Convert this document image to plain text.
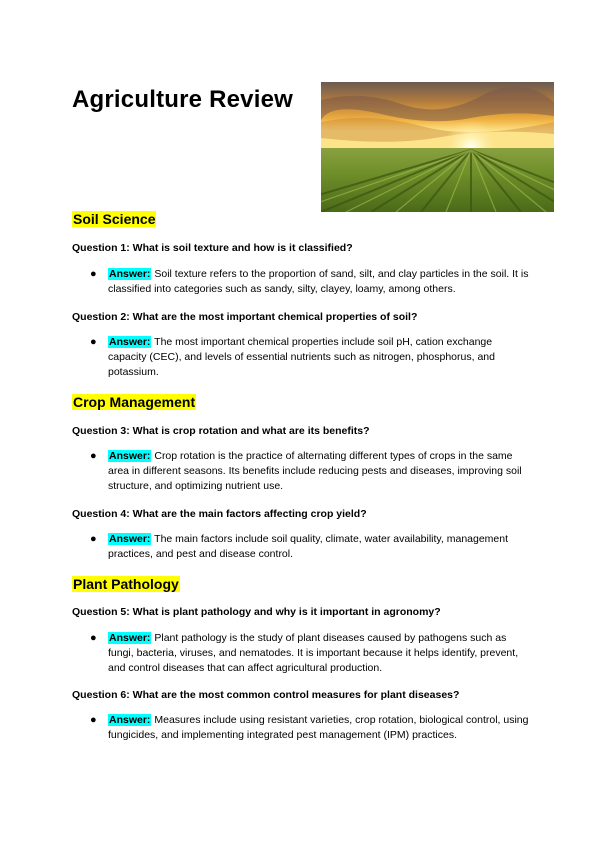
Agriculture Review
Soil Science

Question 1: What is soil texture and how is it classified?

●	Answer: Soil texture refers to the proportion of sand, silt, and clay particles in the soil. It is classified into categories such as sandy, silty, clayey, loamy, among others.

Question 2: What are the most important chemical properties of soil?

●	Answer: The most important chemical properties include soil pH, cation exchange capacity (CEC), and levels of essential nutrients such as nitrogen, phosphorus, and potassium.
Crop Management

Question 3: What is crop rotation and what are its benefits?

●	Answer: Crop rotation is the practice of alternating different types of crops in the same area in different seasons. Its benefits include reducing pests and diseases, improving soil structure, and optimizing nutrient use.

Question 4: What are the main factors affecting crop yield?

●	Answer: The main factors include soil quality, climate, water availability, management practices, and pest and disease control.
Plant Pathology

Question 5: What is plant pathology and why is it important in agronomy?

●	Answer: Plant pathology is the study of plant diseases caused by pathogens such as fungi, bacteria, viruses, and nematodes. It is important because it helps identify, prevent, and control diseases that can affect agricultural production.

Question 6: What are the most common control measures for plant diseases?

●	Answer: Measures include using resistant varieties, crop rotation, biological control, using fungicides, and implementing integrated pest management (IPM) practices.
